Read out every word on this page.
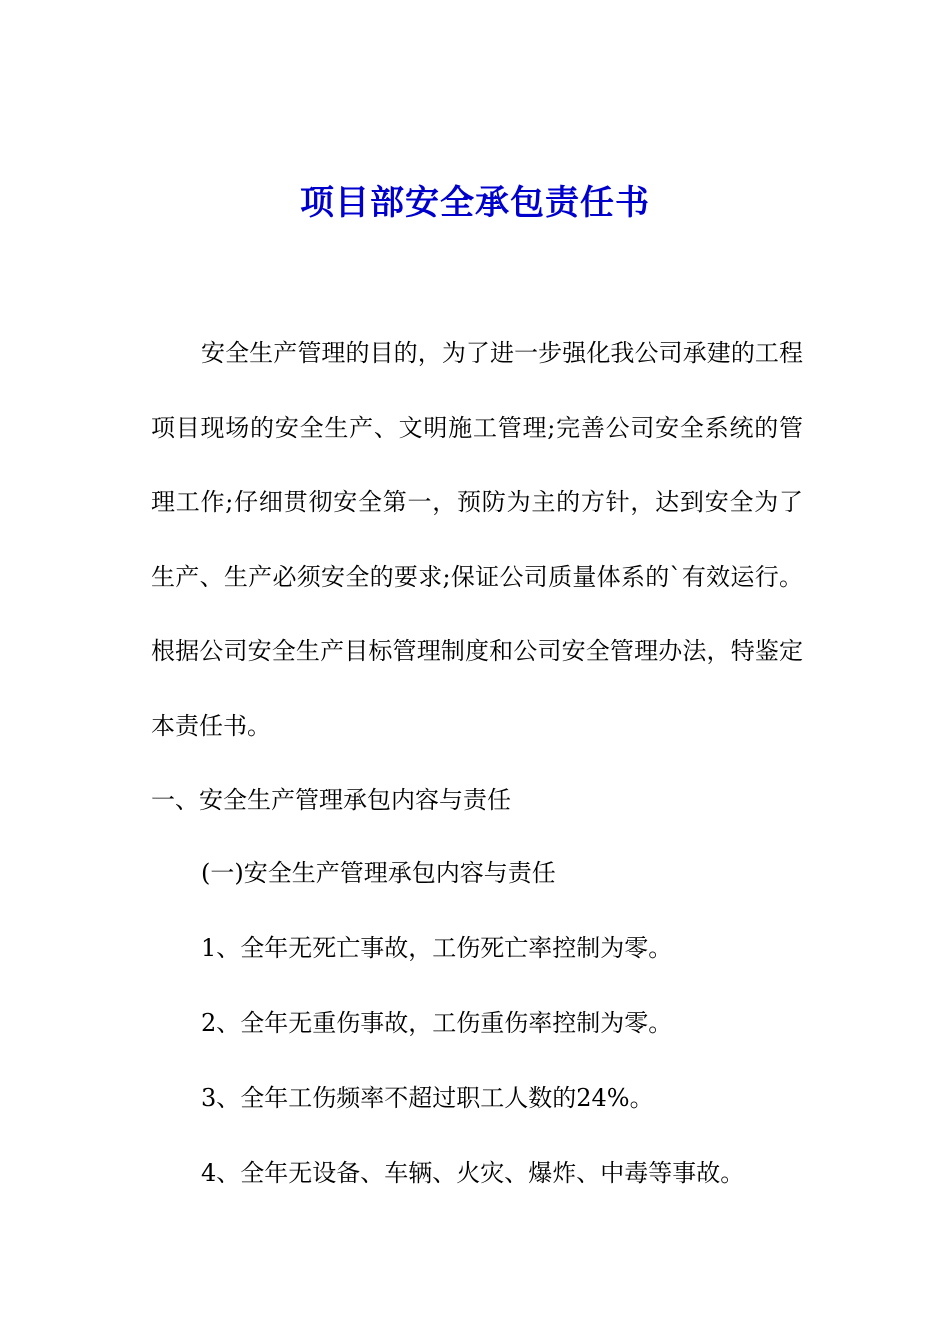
项目部安全承包责任书

安全生产管理的目的，为了进一步强化我公司承建的工程项目现场的安全生产、文明施工管理;完善公司安全系统的管理工作;仔细贯彻安全第一，预防为主的方针，达到安全为了生产、生产必须安全的要求;保证公司质量体系的`有效运行。根据公司安全生产目标管理制度和公司安全管理办法，特鉴定本责任书。

一、安全生产管理承包内容与责任
(一)安全生产管理承包内容与责任
1、全年无死亡事故，工伤死亡率控制为零。
2、全年无重伤事故，工伤重伤率控制为零。
3、全年工伤频率不超过职工人数的24%。
4、全年无设备、车辆、火灾、爆炸、中毒等事故。
